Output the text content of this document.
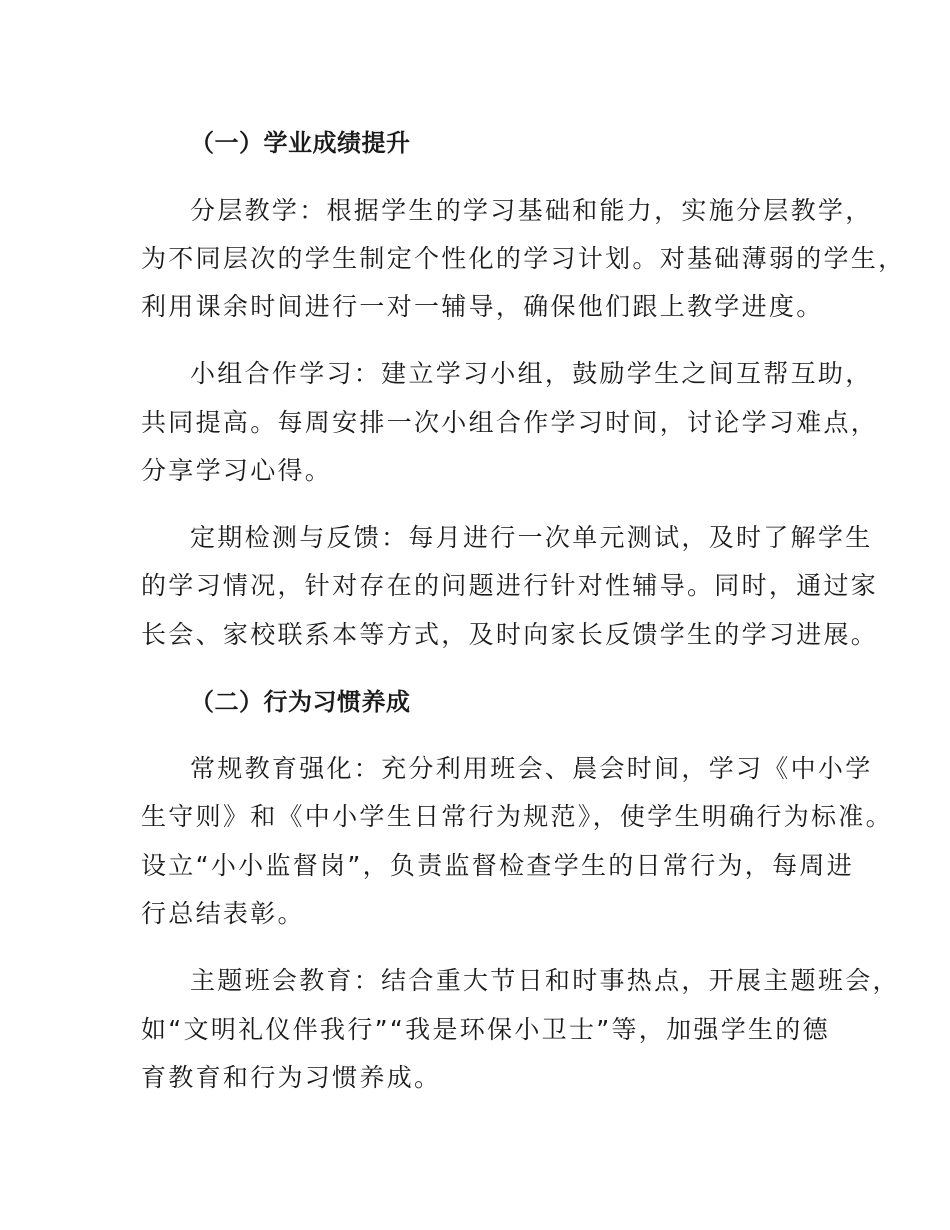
（一）学业成绩提升
分层教学：根据学生的学习基础和能力，实施分层教学，
为不同层次的学生制定个性化的学习计划。对基础薄弱的学生，
利用课余时间进行一对一辅导，确保他们跟上教学进度。
小组合作学习：建立学习小组，鼓励学生之间互帮互助，
共同提高。每周安排一次小组合作学习时间，讨论学习难点，
分享学习心得。
定期检测与反馈：每月进行一次单元测试，及时了解学生
的学习情况，针对存在的问题进行针对性辅导。同时，通过家
长会、家校联系本等方式，及时向家长反馈学生的学习进展。
（二）行为习惯养成
常规教育强化：充分利用班会、晨会时间，学习《中小学
生守则》和《中小学生日常行为规范》，使学生明确行为标准。
设立“小小监督岗”，负责监督检查学生的日常行为，每周进
行总结表彰。
主题班会教育：结合重大节日和时事热点，开展主题班会，
如“文明礼仪伴我行”“我是环保小卫士”等，加强学生的德
育教育和行为习惯养成。
